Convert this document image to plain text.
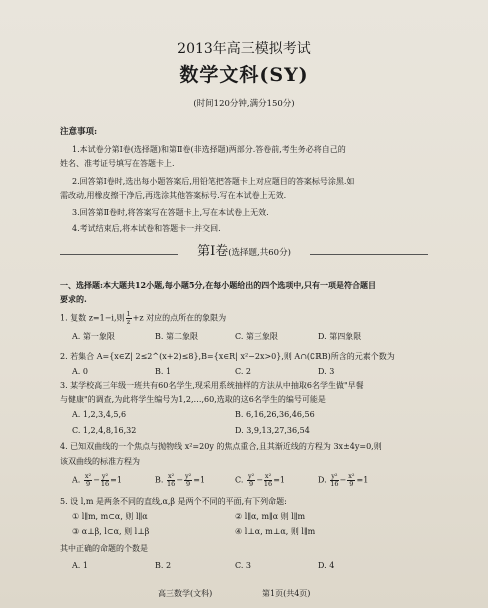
2013年高三模拟考试
数学文科(SY)
(时间120分钟,满分150分)
注意事项:
1.本试卷分第Ⅰ卷(选择题)和第Ⅱ卷(非选择题)两部分.答卷前,考生务必将自己的
姓名、准考证号填写在答题卡上.
2.回答第Ⅰ卷时,选出每小题答案后,用铅笔把答题卡上对应题目的答案标号涂黑.如
需改动,用橡皮擦干净后,再选涂其他答案标号.写在本试卷上无效.
3.回答第Ⅱ卷时,将答案写在答题卡上,写在本试卷上无效.
4.考试结束后,将本试卷和答题卡一并交回.
第Ⅰ卷(选择题,共60分)
一、选择题:本大题共12小题,每小题5分,在每小题给出的四个选项中,只有一项是符合题目
要求的.
1. 复数 z=1−i,则 $\frac{1}{z} +z$ 对应的点所在的象限为
A. 第一象限	B. 第二象限	C. 第三象限	D. 第四象限
2. 若集合 A={x∈Z| 2≤2^(x+2)≤8},B={x∈R| x²−2x>0},则 A∩(∁ℝB)所含的元素个数为
A. 0	B. 1	C. 2	D. 3
3. 某学校高三年级一班共有60名学生,现采用系统抽样的方法从中抽取6名学生做"早餐
与健康"的调查,为此将学生编号为1,2,…,60,选取的这6名学生的编号可能是
A. 1,2,3,4,5,6	B. 6,16,26,36,46,56
C. 1,2,4,8,16,32	D. 3,9,13,27,36,54
4. 已知双曲线的一个焦点与抛物线 x²=20y 的焦点重合,且其渐近线的方程为 3x±4y=0,则
该双曲线的标准方程为
A. $\frac{\text{x²}}{9} - \frac{\text{y²}}{16} =1$	B. $\frac{\text{x²}}{16} - \frac{\text{y²}}{9} =1$	C. $\frac{\text{y²}}{9} - \frac{\text{x²}}{16} =1$	D. $\frac{\text{y²}}{16} - \frac{\text{x²}}{9} =1$
5. 设 l,m 是两条不同的直线,α,β 是两个不同的平面,有下列命题:
① l∥m, m⊂α, 则 l∥α	② l∥α, m∥α 则 l∥m
③ α⊥β, l⊂α, 则 l⊥β	④ l⊥α, m⊥α, 则 l∥m
其中正确的命题的个数是
A. 1	B. 2	C. 3	D. 4
高三数学(文科)	第1页(共4页)
